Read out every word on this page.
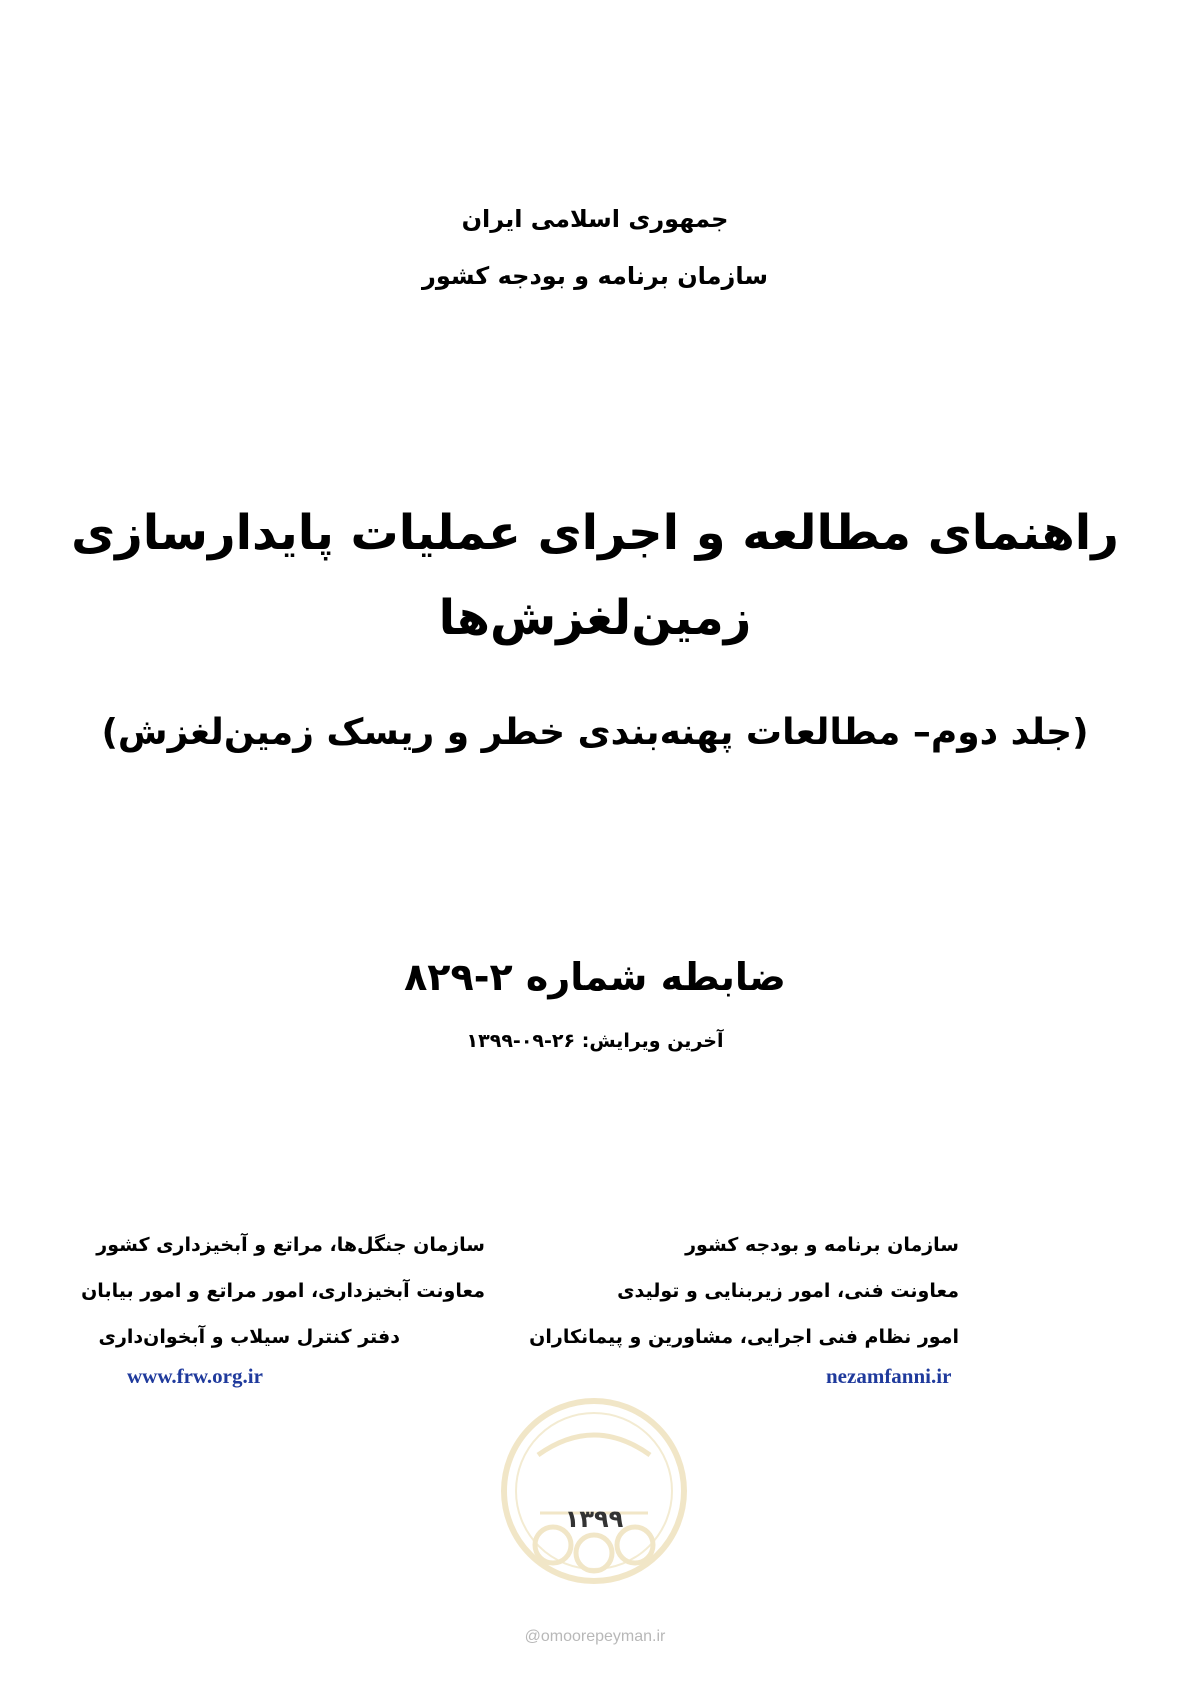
جمهوری اسلامی ایران
سازمان برنامه و بودجه کشور
راهنمای مطالعه و اجرای عملیات پایدارسازی
زمین‌لغزش‌ها
(جلد دوم– مطالعات پهنه‌بندی خطر و ریسک زمین‌لغزش)
ضابطه شماره ۲-۸۲۹
آخرین ویرایش: ۲۶-۰۹-۱۳۹۹
۱۳۹۹
سازمان جنگل‌ها، مراتع و آبخیزداری کشور
معاونت آبخیزداری، امور مراتع و امور بیابان
دفتر کنترل سیلاب و آبخوان‌داری
www.frw.org.ir
سازمان برنامه و بودجه کشور
معاونت فنی، امور زیربنایی و تولیدی
امور نظام فنی اجرایی، مشاورین و پیمانکاران
nezamfanni.ir
@omoorepeyman.ir
